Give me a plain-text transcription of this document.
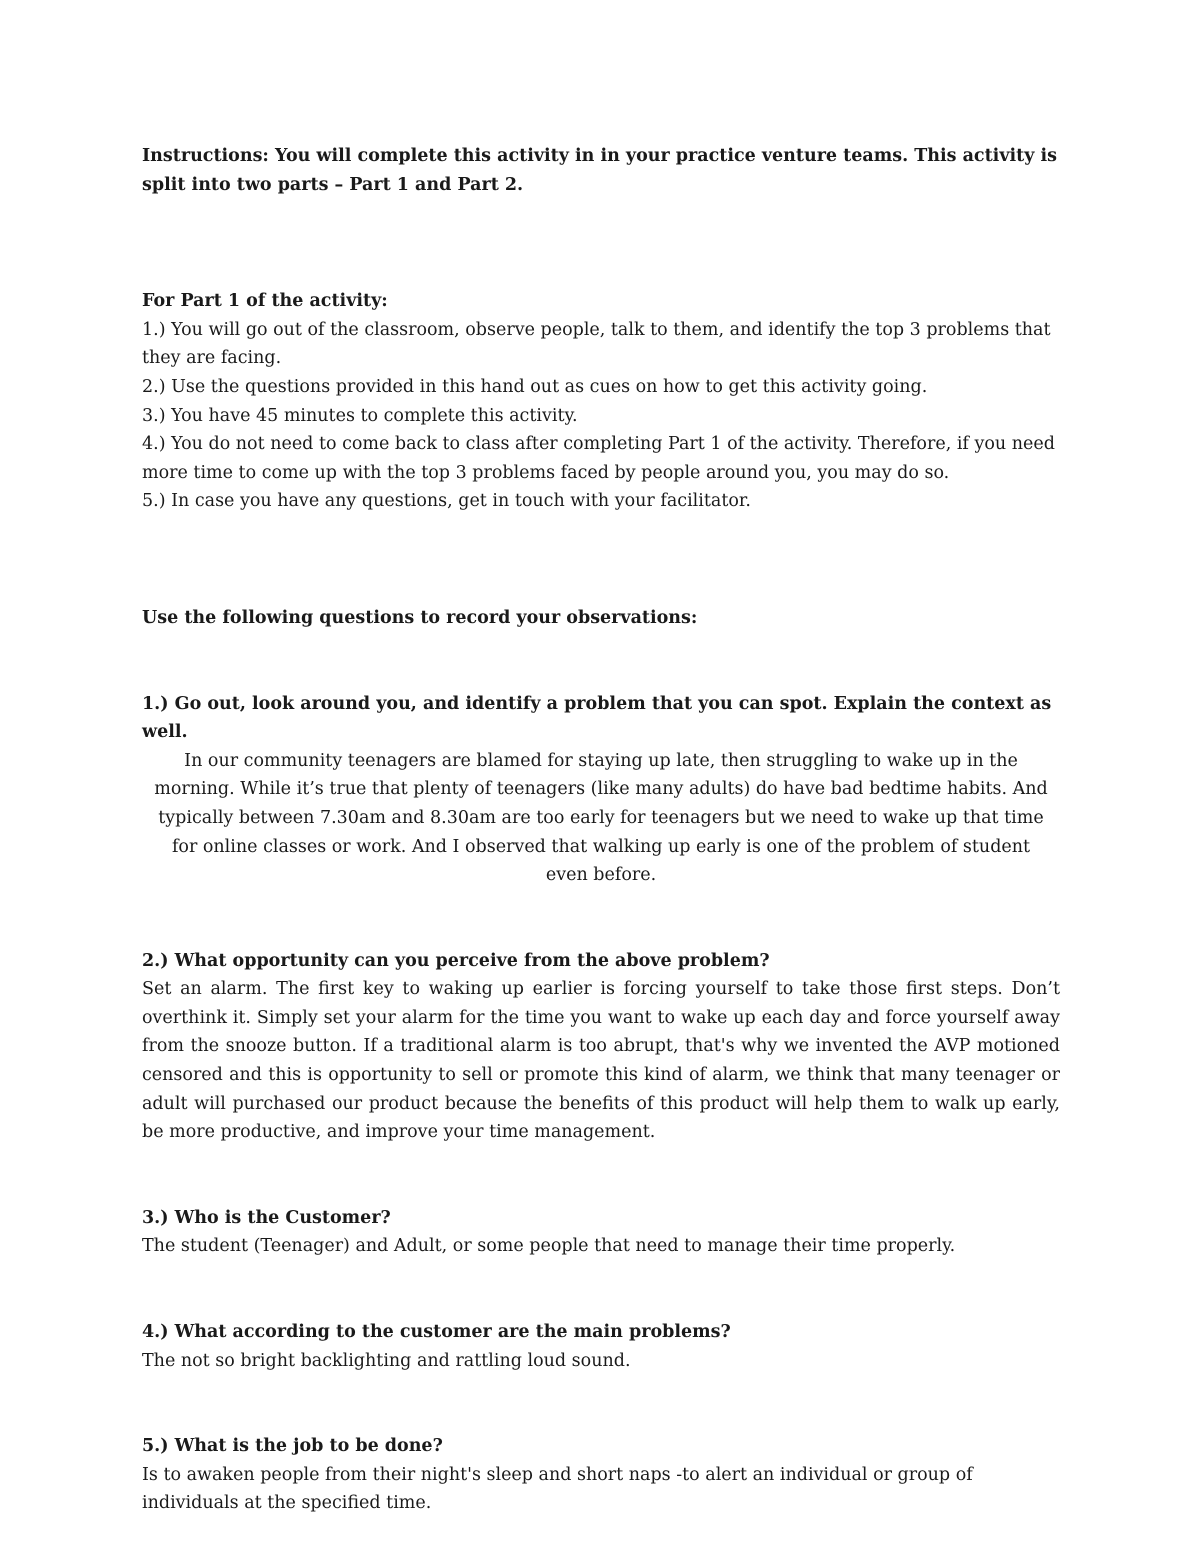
Instructions: You will complete this activity in in your practice venture teams. This activity is split into two parts – Part 1 and Part 2.

For Part 1 of the activity:

1.) You will go out of the classroom, observe people, talk to them, and identify the top 3 problems that they are facing.

2.) Use the questions provided in this hand out as cues on how to get this activity going.

3.) You have 45 minutes to complete this activity.

4.) You do not need to come back to class after completing Part 1 of the activity. Therefore, if you need more time to come up with the top 3 problems faced by people around you, you may do so.

5.) In case you have any questions, get in touch with your facilitator.

Use the following questions to record your observations:

1.) Go out, look around you, and identify a problem that you can spot. Explain the context as well.

In our community teenagers are blamed for staying up late, then struggling to wake up in the morning. While it’s true that plenty of teenagers (like many adults) do have bad bedtime habits. And typically between 7.30am and 8.30am are too early for teenagers but we need to wake up that time for online classes or work. And I observed that walking up early is one of the problem of student even before.

2.) What opportunity can you perceive from the above problem?

Set an alarm. The first key to waking up earlier is forcing yourself to take those first steps. Don’t overthink it. Simply set your alarm for the time you want to wake up each day and force yourself away from the snooze button. If a traditional alarm is too abrupt, that's why we invented the AVP motioned censored and this is opportunity to sell or promote this kind of alarm, we think that many teenager or adult will purchased our product because the benefits of this product will help them to walk up early, be more productive, and improve your time management.

3.) Who is the Customer?

The student (Teenager) and Adult, or some people that need to manage their time properly.

4.) What according to the customer are the main problems?

The not so bright backlighting and rattling loud sound.

5.) What is the job to be done?

Is to awaken people from their night's sleep and short naps -to alert an individual or group of individuals at the specified time.
